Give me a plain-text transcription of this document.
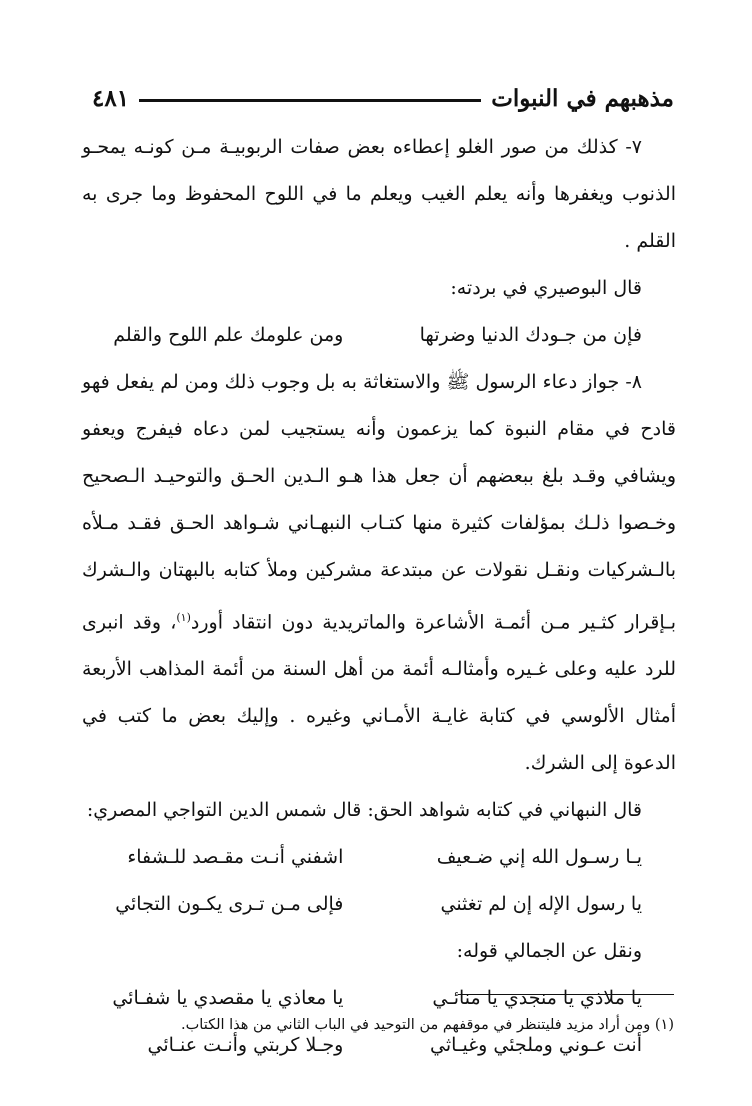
مذهبهم في النبوات
٤٨١

٧- كذلك من صور الغلو إعطاءه بعض صفات الربوبيـة مـن كونـه يمحـو الذنوب ويغفرها وأنه يعلم الغيب ويعلم ما في اللوح المحفوظ وما جرى به القلم .

قال البوصيري في بردته:

فإن من جـودك الدنيا وضرتها
ومن علومك علم اللوح والقلم

٨- جواز دعاء الرسول ﷺ والاستغاثة به بل وجوب ذلك ومن لم يفعل فهو قادح في مقام النبوة كما يزعمون وأنه يستجيب لمن دعاه فيفرج ويعفو ويشافي وقـد بلغ ببعضهم أن جعل هذا هـو الـدين الحـق والتوحيـد الـصحيح وخـصوا ذلـك بمؤلفات كثيرة منها كتـاب النبهـاني شـواهد الحـق فقـد مـلأه بالـشركيات ونقـل نقولات عن مبتدعة مشركين وملأ كتابه بالبهتان والـشرك بـإقرار كثـير مـن أئمـة الأشاعرة والماتريدية دون انتقاد أورد$^{(١)}$، وقد انبرى للرد عليه وعلى غـيره وأمثالـه أئمة من أهل السنة من أئمة المذاهب الأربعة أمثال الألوسي في كتابة غايـة الأمـاني وغيره . وإليك بعض ما كتب في الدعوة إلى الشرك.

قال النبهاني في كتابه شواهد الحق: قال شمس الدين التواجي المصري:

يـا رسـول الله إني ضـعيف
اشفني أنـت مقـصد للـشفاء
يا رسول الإله إن لم تغثني
فإلى مـن تـرى يكـون التجائي

ونقل عن الجمالي قوله:

يا ملاذي يا منجدي يا منائـي
يا معاذي يا مقصدي يا شفـائي
أنت عـوني وملجئي وغيـاثي
وجـلا كربتي وأنـت عنـائي
(١) ومن أراد مزيد فليتنظر في موقفهم من التوحيد في الباب الثاني من هذا الكتاب.
